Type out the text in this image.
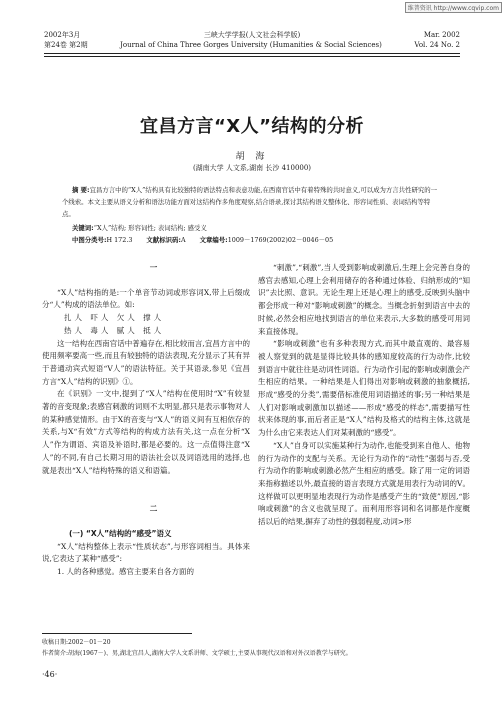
维普资讯 http://www.cqvip.com
2002年3月	三峡大学学报(人文社会科学版)	Mar. 2002
第24卷 第2期	Journal of China Three Gorges University (Humanities & Social Sciences)	Vol. 24 No. 2
宜昌方言“X人”结构的分析
胡 海
(湖南大学 人文系,湖南 长沙 410000)
摘 要:宜昌方言中的“X人”结构具有比较独特的语法特点和表意功能,在西南官话中有着特殊的共时意义,可以成为方言共性研究的一个线索。本文主要从语义分析和语法功能方面对这结构作多角度观察,结合语录,探讨其结构语义整体化、形容词性质、表词结构等特点。
关键词:“X人”结构; 形容词性; 表词结构; 感受义
中图分类号:H 172.3 文献标识码:A 文章编号:1009－1769(2002)02－0046－05

一

“X人”结构指的是:一个单音节动词或形容词X,带上后缀成分“人”构成的语法单位。如:

扎人 吓人 欠人 撑人

热人 毒人 腻人 抵人

这一结构在西南官话中普遍存在,相比较而言,宜昌方言中的使用频率要高一些,而且有较独特的语法表现,充分显示了其有异于普通动宾式短语“V人”的语法特征。关于其语录,参见《宜昌方言“X人”结构的识别》①。

在《识别》一文中,提到了“X人”结构在使用时“X”有较显著的音变现象;表感官刺激的词则不太明显,都只是表示事物对人的某种感觉情形。由于X的音变与“X人”的语义间有互相依存的关系,与X“有效”方式等结构的构成方法有关,这一点在分析“X人”作为谓语、宾语及补语时,都是必要的。这一点值得注意“X人”的不同,有自己长期习用的语法社会以及词语选用的选择,也就是表出“X人”结构特殊的语义和语篇。

二

(一) “X人”结构的“感受”语义

“X人”结构整体上表示“性质状态”,与形容词相当。具体来说,它表达了某种“感受”:

1. 人的各种感觉。感官主要来自各方面的

“刺激”,“刺激”,当人受到影响或刺激后,生理上会完善自身的感官去感知,心理上会利用储存的各种通过体验、归纳形成的“知识”去比照、意识。无论生理上还是心理上的感受,反映到头脑中都会形成一种对“影响或刺激”的概念。当概念折射到语言中去的时候,必然会相应地找到语言的单位来表示,大多数的感受可用词来直接体现。

“影响或刺激”也有多种表现方式,而其中最直观的、最容易被人察觉到的就是显得比较具体的感知度较高的行为动作,比较到语言中就往往是动词性词语。行为动作引起的影响或刺激会产生相应的结果。一种结果是人们得出对影响或刺激的抽象概括,形成“感受的分类”,需要借标准使用词语描述的事;另一种结果是人们对影响或刺激加以描述——形成“感受的样态”,需要描写性状来体现的事,而后者正是“X人”结构及格式的结构主体,这就是为什么由它来表达人们对某刺激的“感受”。

“X人”自身可以实施某种行为动作,也能受到来自他人、他物的行为动作的支配与关系。无论行为动作的“动性”强弱与否,受行为动作的影响或刺激必然产生相应的感受。除了用一定的词语来指称描述以外,最直接的语言表现方式就是用表行为动词的V。这样做可以更明显地表现行为动作是感受产生的“致使”原因,“影响或刺激”的含义也就呈现了。而利用形容词和名词都是作度概括以后的结果,摒弃了动性的强弱程度,动词>形

收稿日期:2002－01－20
作者简介:胡海(1967－)、男,湖北宜昌人,湖南大学人文系讲师、文学硕士,主要从事现代汉语和对外汉语教学与研究。
·46·
